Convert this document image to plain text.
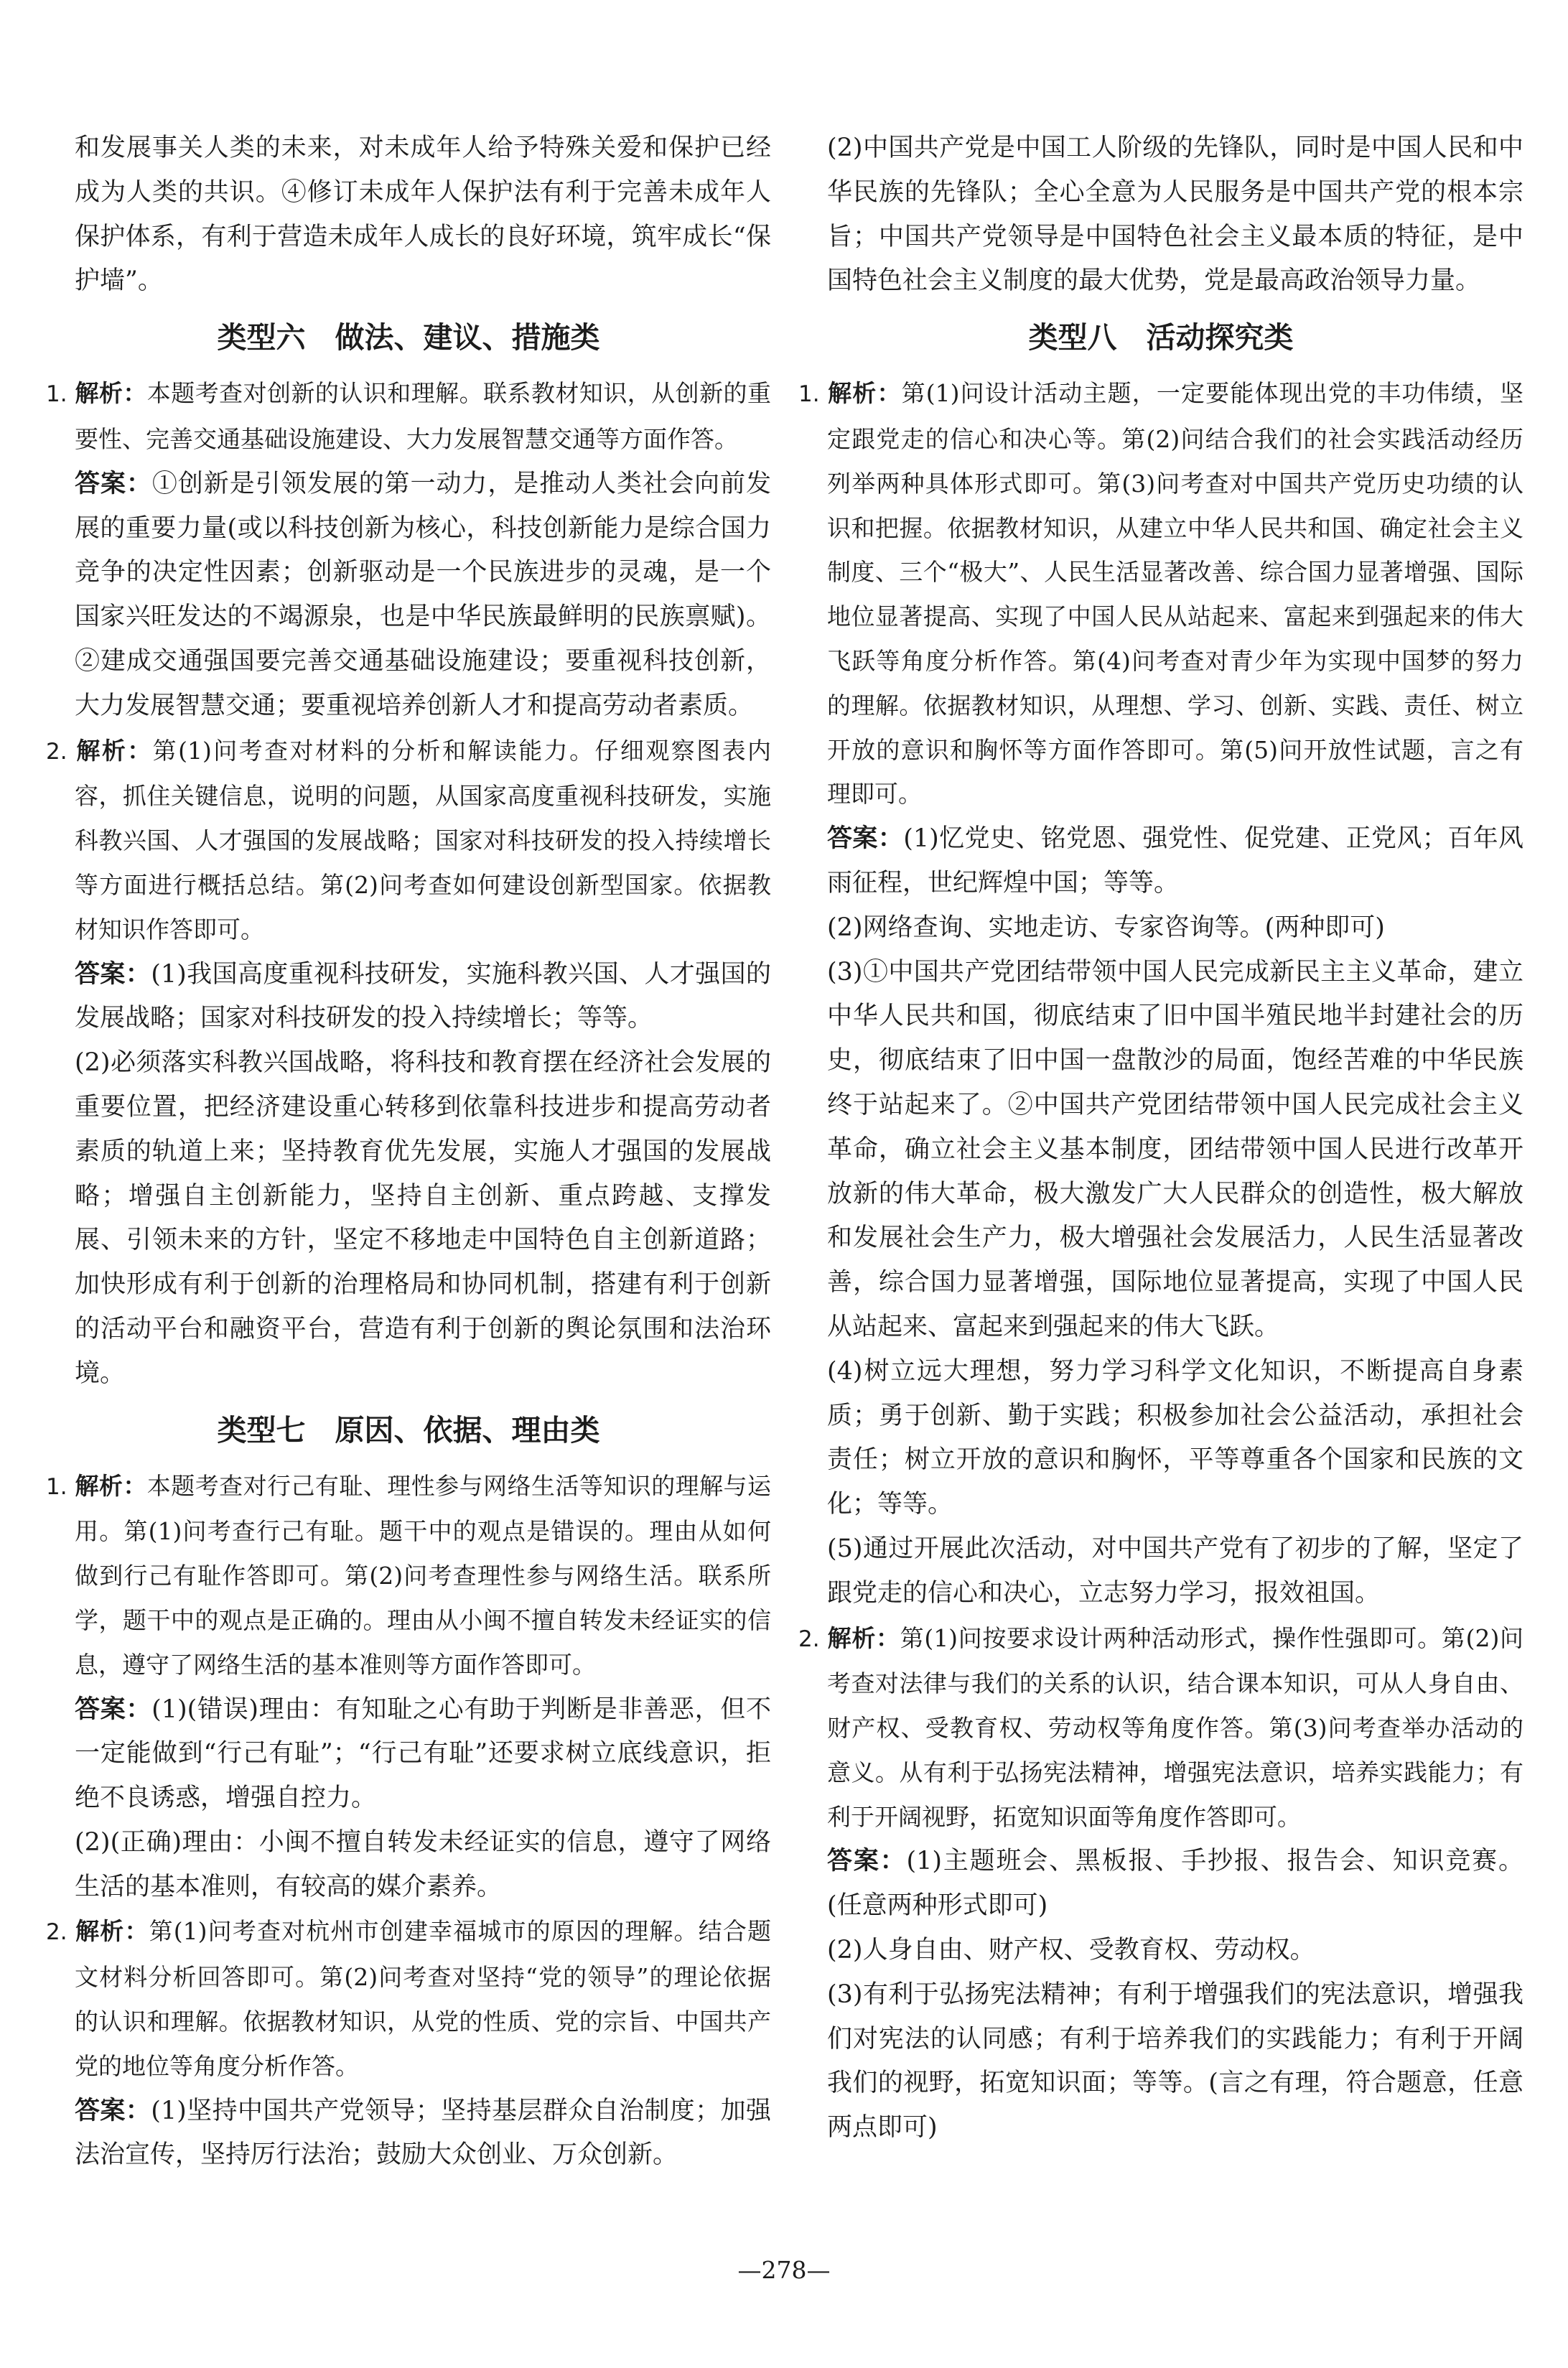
和发展事关人类的未来，对未成年人给予特殊关爱和保护已经成为人类的共识。④修订未成年人保护法有利于完善未成年人保护体系，有利于营造未成年人成长的良好环境，筑牢成长“保护墙”。

类型六　做法、建议、措施类

1. 解析：本题考查对创新的认识和理解。联系教材知识，从创新的重要性、完善交通基础设施建设、大力发展智慧交通等方面作答。

答案：①创新是引领发展的第一动力，是推动人类社会向前发展的重要力量(或以科技创新为核心，科技创新能力是综合国力竞争的决定性因素；创新驱动是一个民族进步的灵魂，是一个国家兴旺发达的不竭源泉，也是中华民族最鲜明的民族禀赋)。②建成交通强国要完善交通基础设施建设；要重视科技创新，大力发展智慧交通；要重视培养创新人才和提高劳动者素质。

2. 解析：第(1)问考查对材料的分析和解读能力。仔细观察图表内容，抓住关键信息，说明的问题，从国家高度重视科技研发，实施科教兴国、人才强国的发展战略；国家对科技研发的投入持续增长等方面进行概括总结。第(2)问考查如何建设创新型国家。依据教材知识作答即可。

答案：(1)我国高度重视科技研发，实施科教兴国、人才强国的发展战略；国家对科技研发的投入持续增长；等等。

(2)必须落实科教兴国战略，将科技和教育摆在经济社会发展的重要位置，把经济建设重心转移到依靠科技进步和提高劳动者素质的轨道上来；坚持教育优先发展，实施人才强国的发展战略；增强自主创新能力，坚持自主创新、重点跨越、支撑发展、引领未来的方针，坚定不移地走中国特色自主创新道路；加快形成有利于创新的治理格局和协同机制，搭建有利于创新的活动平台和融资平台，营造有利于创新的舆论氛围和法治环境。

类型七　原因、依据、理由类

1. 解析：本题考查对行己有耻、理性参与网络生活等知识的理解与运用。第(1)问考查行己有耻。题干中的观点是错误的。理由从如何做到行己有耻作答即可。第(2)问考查理性参与网络生活。联系所学，题干中的观点是正确的。理由从小闽不擅自转发未经证实的信息，遵守了网络生活的基本准则等方面作答即可。

答案：(1)(错误)理由：有知耻之心有助于判断是非善恶，但不一定能做到“行己有耻”；“行己有耻”还要求树立底线意识，拒绝不良诱惑，增强自控力。

(2)(正确)理由：小闽不擅自转发未经证实的信息，遵守了网络生活的基本准则，有较高的媒介素养。

2. 解析：第(1)问考查对杭州市创建幸福城市的原因的理解。结合题文材料分析回答即可。第(2)问考查对坚持“党的领导”的理论依据的认识和理解。依据教材知识，从党的性质、党的宗旨、中国共产党的地位等角度分析作答。

答案：(1)坚持中国共产党领导；坚持基层群众自治制度；加强法治宣传，坚持厉行法治；鼓励大众创业、万众创新。

(2)中国共产党是中国工人阶级的先锋队，同时是中国人民和中华民族的先锋队；全心全意为人民服务是中国共产党的根本宗旨；中国共产党领导是中国特色社会主义最本质的特征，是中国特色社会主义制度的最大优势，党是最高政治领导力量。

类型八　活动探究类

1. 解析：第(1)问设计活动主题，一定要能体现出党的丰功伟绩，坚定跟党走的信心和决心等。第(2)问结合我们的社会实践活动经历列举两种具体形式即可。第(3)问考查对中国共产党历史功绩的认识和把握。依据教材知识，从建立中华人民共和国、确定社会主义制度、三个“极大”、人民生活显著改善、综合国力显著增强、国际地位显著提高、实现了中国人民从站起来、富起来到强起来的伟大飞跃等角度分析作答。第(4)问考查对青少年为实现中国梦的努力的理解。依据教材知识，从理想、学习、创新、实践、责任、树立开放的意识和胸怀等方面作答即可。第(5)问开放性试题，言之有理即可。

答案：(1)忆党史、铭党恩、强党性、促党建、正党风；百年风雨征程，世纪辉煌中国；等等。

(2)网络查询、实地走访、专家咨询等。(两种即可)

(3)①中国共产党团结带领中国人民完成新民主主义革命，建立中华人民共和国，彻底结束了旧中国半殖民地半封建社会的历史，彻底结束了旧中国一盘散沙的局面，饱经苦难的中华民族终于站起来了。②中国共产党团结带领中国人民完成社会主义革命，确立社会主义基本制度，团结带领中国人民进行改革开放新的伟大革命，极大激发广大人民群众的创造性，极大解放和发展社会生产力，极大增强社会发展活力，人民生活显著改善，综合国力显著增强，国际地位显著提高，实现了中国人民从站起来、富起来到强起来的伟大飞跃。

(4)树立远大理想，努力学习科学文化知识，不断提高自身素质；勇于创新、勤于实践；积极参加社会公益活动，承担社会责任；树立开放的意识和胸怀，平等尊重各个国家和民族的文化；等等。

(5)通过开展此次活动，对中国共产党有了初步的了解，坚定了跟党走的信心和决心，立志努力学习，报效祖国。

2. 解析：第(1)问按要求设计两种活动形式，操作性强即可。第(2)问考查对法律与我们的关系的认识，结合课本知识，可从人身自由、财产权、受教育权、劳动权等角度作答。第(3)问考查举办活动的意义。从有利于弘扬宪法精神，增强宪法意识，培养实践能力；有利于开阔视野，拓宽知识面等角度作答即可。

答案：(1)主题班会、黑板报、手抄报、报告会、知识竞赛。(任意两种形式即可)

(2)人身自由、财产权、受教育权、劳动权。

(3)有利于弘扬宪法精神；有利于增强我们的宪法意识，增强我们对宪法的认同感；有利于培养我们的实践能力；有利于开阔我们的视野，拓宽知识面；等等。(言之有理，符合题意，任意两点即可)

—278—
